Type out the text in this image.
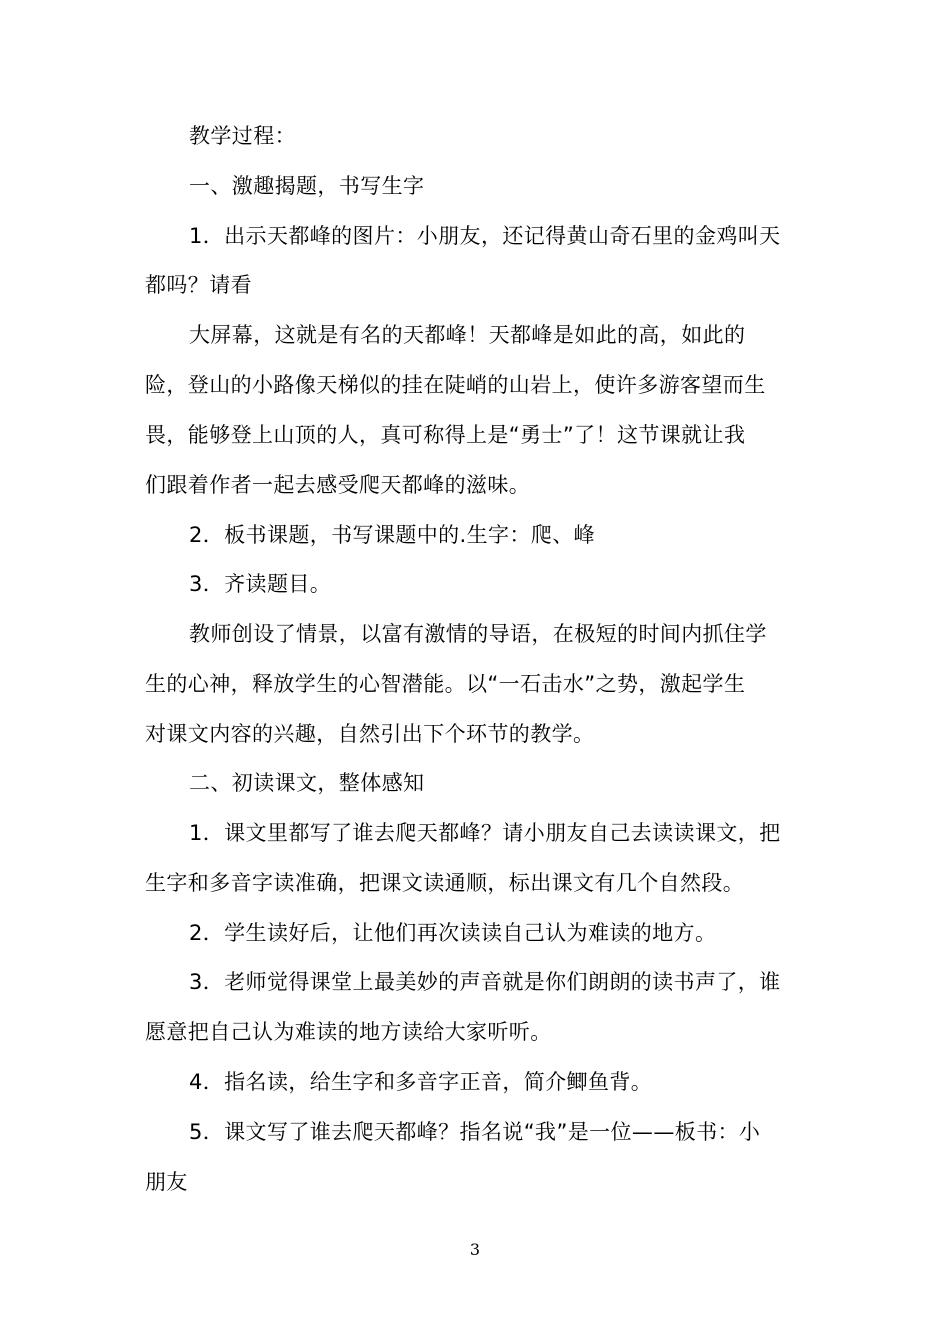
教学过程：
一、激趣揭题，书写生字
1．出示天都峰的图片：小朋友，还记得黄山奇石里的金鸡叫天
都吗？请看
大屏幕，这就是有名的天都峰！天都峰是如此的高，如此的
险，登山的小路像天梯似的挂在陡峭的山岩上，使许多游客望而生
畏，能够登上山顶的人，真可称得上是“勇士”了！这节课就让我
们跟着作者一起去感受爬天都峰的滋味。
2．板书课题，书写课题中的.生字：爬、峰
3．齐读题目。
教师创设了情景，以富有激情的导语，在极短的时间内抓住学
生的心神，释放学生的心智潜能。以“一石击水”之势，激起学生
对课文内容的兴趣，自然引出下个环节的教学。
二、初读课文，整体感知
1．课文里都写了谁去爬天都峰？请小朋友自己去读读课文，把
生字和多音字读准确，把课文读通顺，标出课文有几个自然段。
2．学生读好后，让他们再次读读自己认为难读的地方。
3．老师觉得课堂上最美妙的声音就是你们朗朗的读书声了，谁
愿意把自己认为难读的地方读给大家听听。
4．指名读，给生字和多音字正音，简介鲫鱼背。
5．课文写了谁去爬天都峰？指名说“我”是一位——板书：小
朋友
3
